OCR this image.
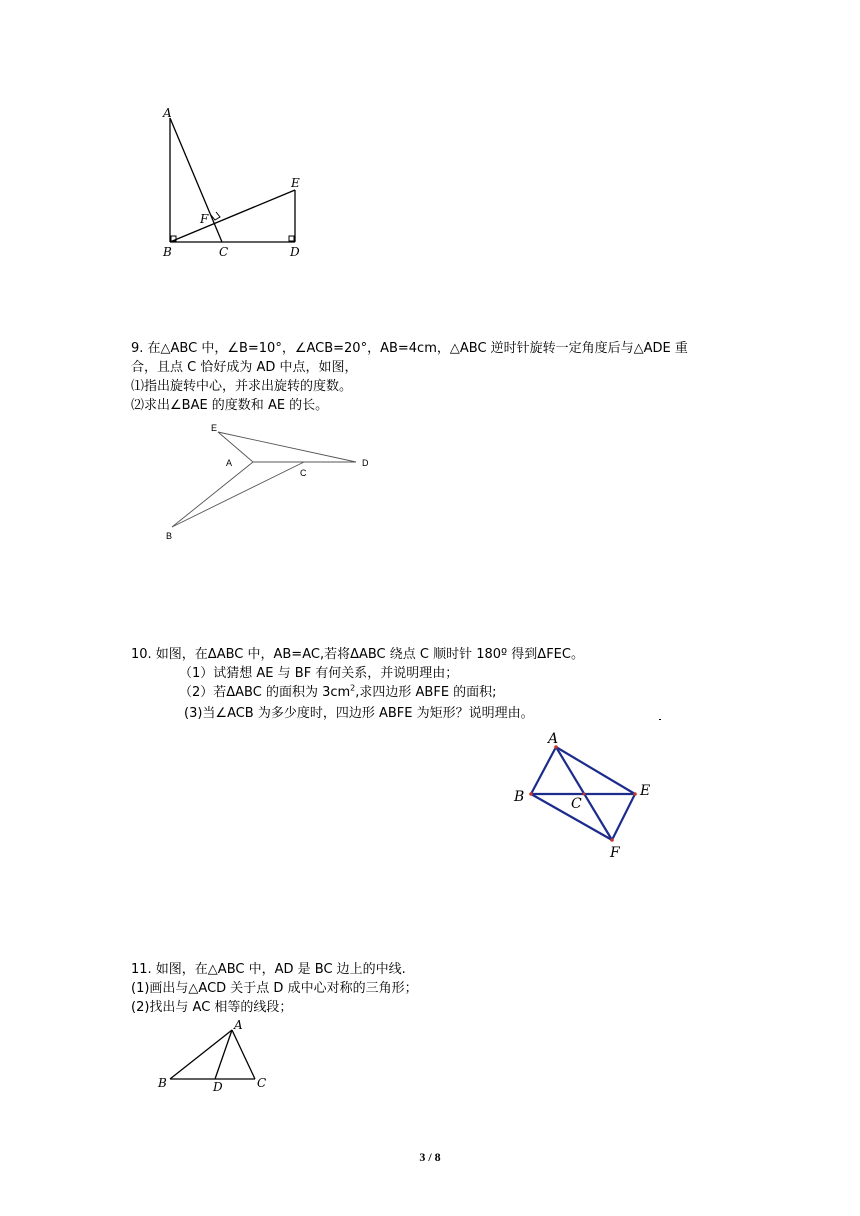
A
B	C	D
E
F
9. 在△ABC 中，∠B=10°，∠ACB=20°，AB=4cm，△ABC 逆时针旋转一定角度后与△ADE 重
合，且点 C 恰好成为 AD 中点，如图，
⑴指出旋转中心，并求出旋转的度数。
⑵求出∠BAE 的度数和 AE 的长。
E
A
C
D
B
10. 如图，在ΔABC 中，AB=AC,若将ΔABC 绕点 C 顺时针 180º 得到ΔFEC。
（1）试猜想 AE 与 BF 有何关系，并说明理由；
（2）若ΔABC 的面积为 $3cm^2$,求四边形 ABFE 的面积;
(3)当∠ACB 为多少度时，四边形 ABFE 为矩形？说明理由。
A
B	C
E
F
11. 如图，在△ABC 中，AD 是 BC 边上的中线.
(1)画出与△ACD 关于点 D 成中心对称的三角形；
(2)找出与 AC 相等的线段；
A
B	D	C
3 / 8
